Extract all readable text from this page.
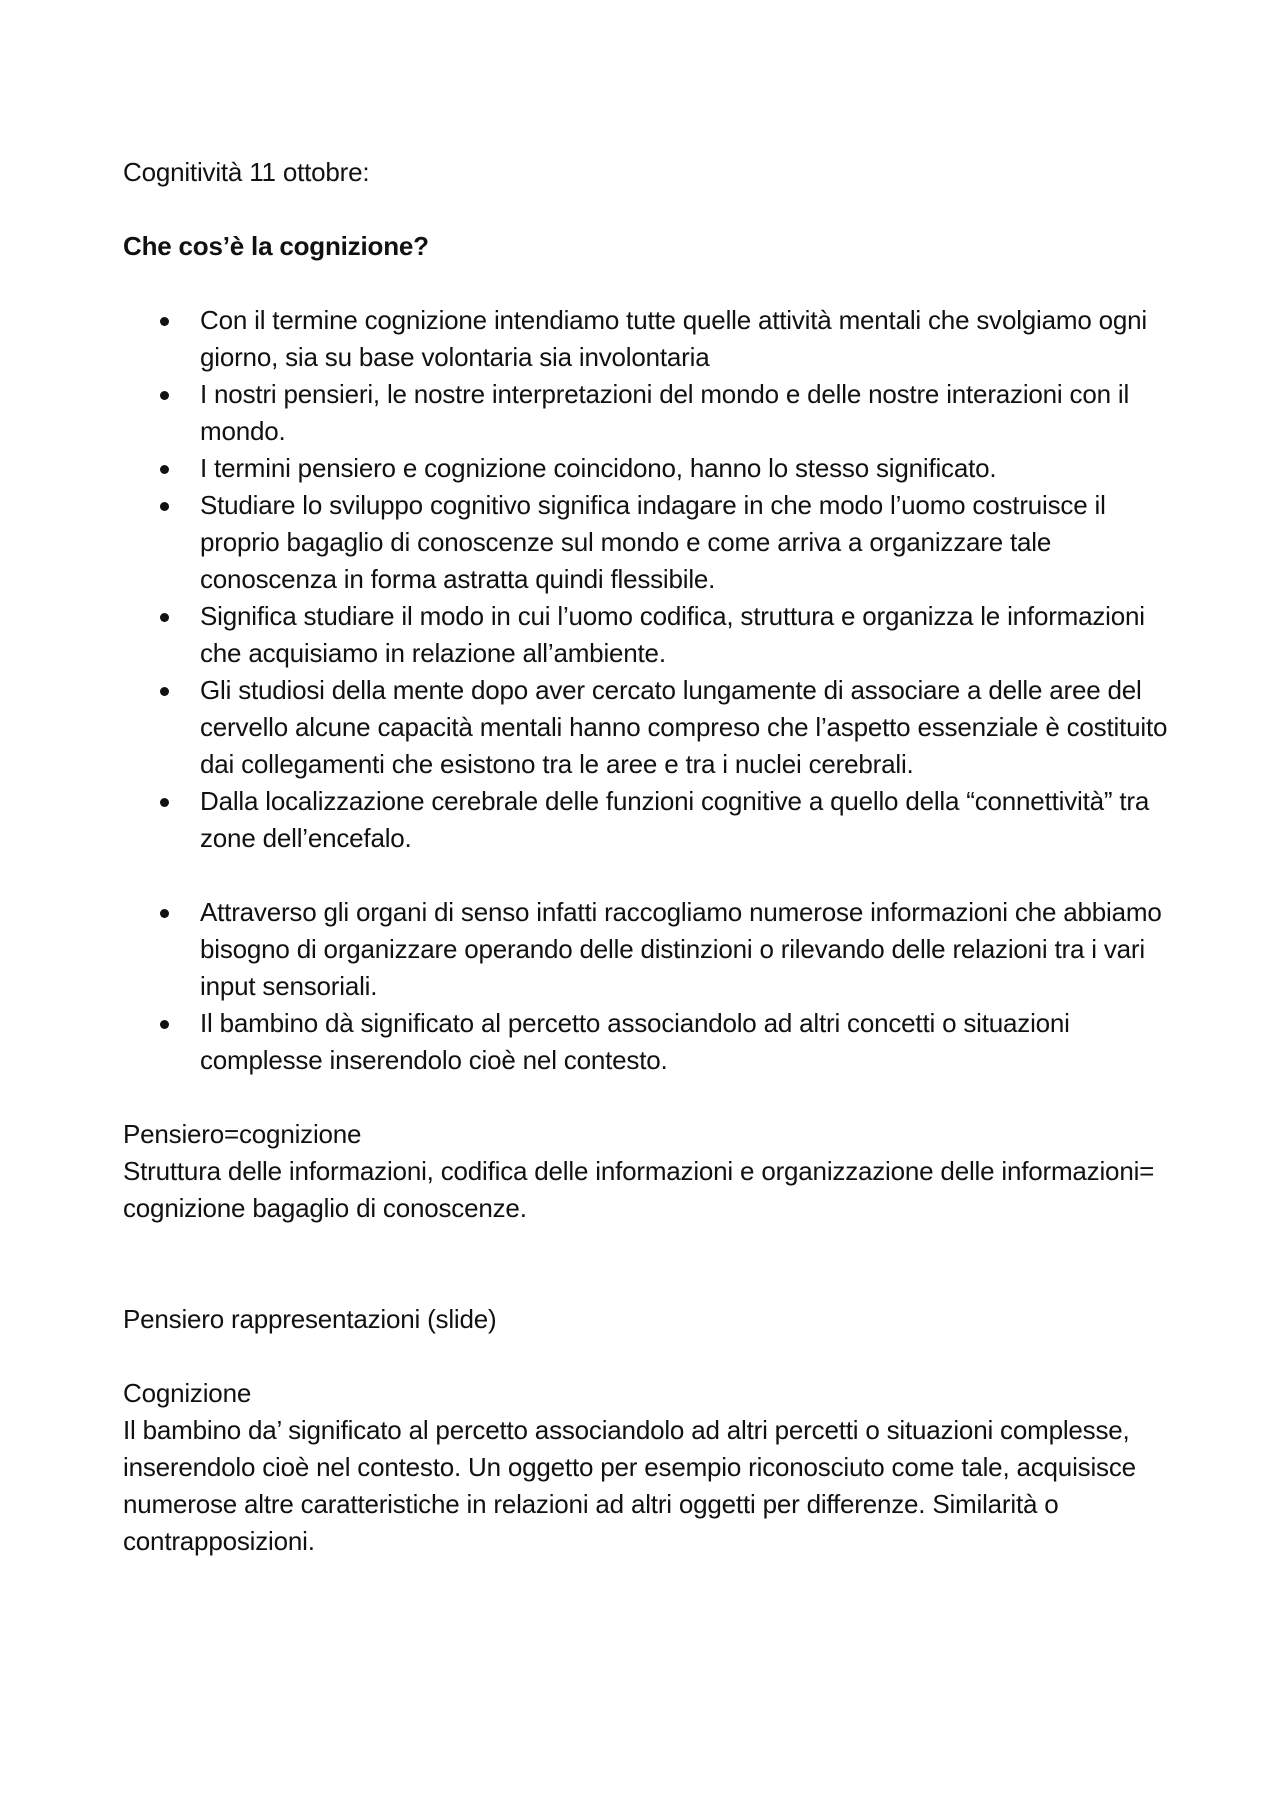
Cognitività 11 ottobre:

Che cos’è la cognizione?

Con il termine cognizione intendiamo tutte quelle attività mentali che svolgiamo ogni giorno, sia su base volontaria sia involontaria
I nostri pensieri, le nostre interpretazioni del mondo e delle nostre interazioni con il mondo.
I termini pensiero e cognizione coincidono, hanno lo stesso significato.
Studiare lo sviluppo cognitivo significa indagare in che modo l’uomo costruisce il proprio bagaglio di conoscenze sul mondo e come arriva a organizzare tale conoscenza in forma astratta quindi flessibile.
Significa studiare il modo in cui l’uomo codifica, struttura e organizza le informazioni che acquisiamo in relazione all’ambiente.
Gli studiosi della mente dopo aver cercato lungamente di associare a delle aree del cervello alcune capacità mentali hanno compreso che l’aspetto essenziale è costituito dai collegamenti che esistono tra le aree e tra i nuclei cerebrali.
Dalla localizzazione cerebrale delle funzioni cognitive a quello della “connettività” tra zone dell’encefalo.
Attraverso gli organi di senso infatti raccogliamo numerose informazioni che abbiamo bisogno di organizzare operando delle distinzioni o rilevando delle relazioni tra i vari input sensoriali.
Il bambino dà significato al percetto associandolo ad altri concetti o situazioni complesse inserendolo cioè nel contesto.

Pensiero=cognizione

Struttura delle informazioni, codifica delle informazioni e organizzazione delle informazioni= cognizione bagaglio di conoscenze.

Pensiero rappresentazioni (slide)

Cognizione

Il bambino da’ significato al percetto associandolo ad altri percetti o situazioni complesse, inserendolo cioè nel contesto. Un oggetto per esempio riconosciuto come tale, acquisisce numerose altre caratteristiche in relazioni ad altri oggetti per differenze. Similarità o contrapposizioni.
